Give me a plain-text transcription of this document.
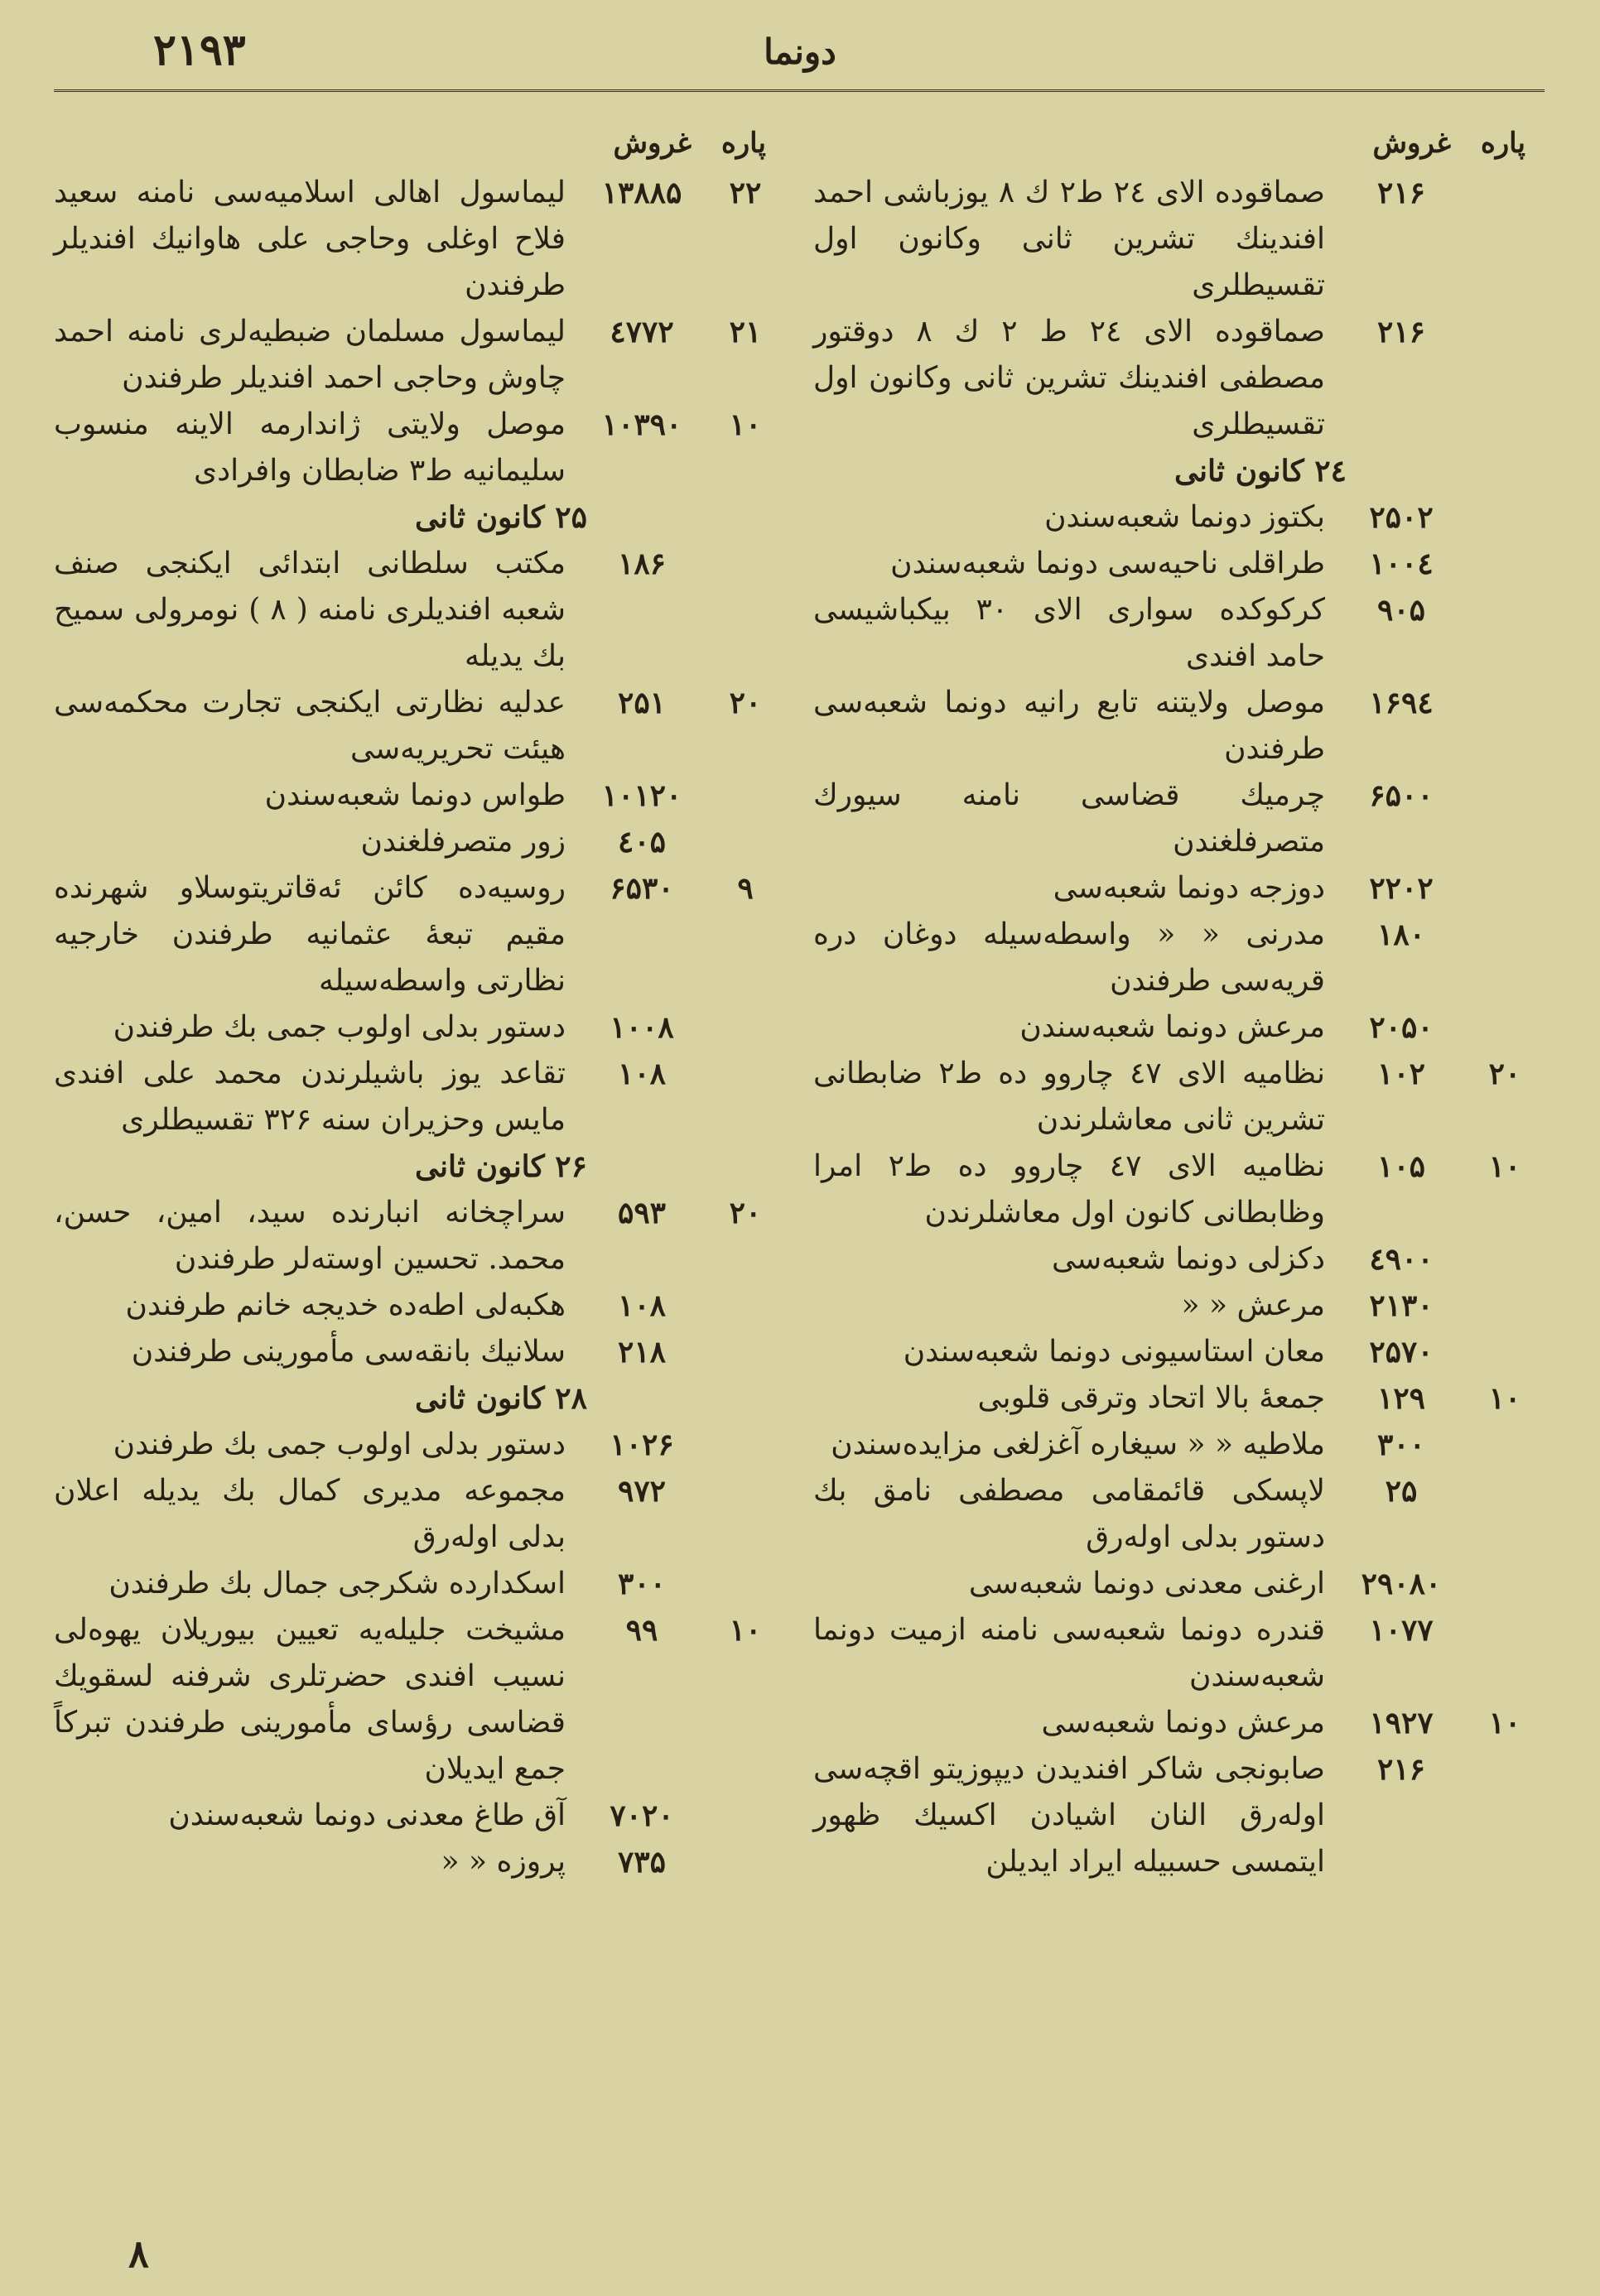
۲۱۹۳	دونما
پاره
غروش
۲۱۶
صماقوده الای ۲٤ ط۲ ك ۸ یوزباشی احمد افندینك تشرین ثانی وکانون اول تقسیطلری
۲۱۶
صماقوده الای ۲٤ ط ۲ ك ۸ دوقتور مصطفی افندینك تشرین ثانی وکانون اول تقسیطلری
۲٤ کانون ثانی
۲۵۰۲
بکتوز دونما شعبه‌سندن
۱۰۰٤
طراقلی ناحیه‌سی دونما شعبه‌سندن
۹۰۵
کرکوکده سواری الای ۳۰ بیکباشیسی حامد افندی
۱۶۹٤
موصل ولایتنه تابع رانیه دونما شعبه‌سی طرفندن
۶۵۰۰
چرمیك قضاسی نامنه سیورك متصرفلغندن
۲۲۰۲
دوزجه دونما شعبه‌سی
۱۸۰
مدرنی « « واسطه‌سیله دوغان دره قریه‌سی طرفندن
۲۰۵۰
مرعش دونما شعبه‌سندن
۲۰
۱۰۲
نظامیه الای ٤۷ چاروو ده ط۲ ضابطانی تشرین ثانی معاشلرندن
۱۰
۱۰۵
نظامیه الای ٤۷ چاروو ده ط۲ امرا وظابطانی کانون اول معاشلرندن
٤۹۰۰
دکزلی دونما شعبه‌سی
۲۱۳۰
مرعش « «
۲۵۷۰
معان استاسیونی دونما شعبه‌سندن
۱۰
۱۲۹
جمعۀ بالا اتحاد وترقی قلوبی
۳۰۰
ملاطیه « « سیغاره آغزلغی مزایده‌سندن
۲۵
لاپسکی قائمقامی مصطفی نامق بك دستور بدلی اوله‌رق
۲۹۰۸۰
ارغنی معدنی دونما شعبه‌سی
۱۰۷۷
قندره دونما شعبه‌سی نامنه ازمیت دونما شعبه‌سندن
۱۰
۱۹۲۷
مرعش دونما شعبه‌سی
۲۱۶
صابونجی شاکر افندیدن دیپوزیتو اقچه‌سی اوله‌رق النان اشیادن اکسیك ظهور ایتمسی حسبیله ایراد ایدیلن
پاره
غروش
۲۲
۱۳۸۸۵
لیماسول اهالی اسلامیه‌سی نامنه سعید فلاح اوغلی وحاجی علی هاوانیك افندیلر طرفندن
۲۱
٤۷۷۲
لیماسول مسلمان ضبطیه‌لری نامنه احمد چاوش وحاجی احمد افندیلر طرفندن
۱۰
۱۰۳۹۰
موصل ولایتی ژاندارمه الاینه منسوب سلیمانیه ط۳ ضابطان وافرادی
۲۵ کانون ثانی
۱۸۶
مکتب سلطانی ابتدائی ایکنجی صنف شعبه افندیلری نامنه ( ۸ ) نومرولی سمیح بك یدیله
۲۰
۲۵۱
عدلیه نظارتی ایکنجی تجارت محکمه‌سی هیئت تحریریه‌سی
۱۰۱۲۰
طواس دونما شعبه‌سندن
٤۰۵
زور متصرفلغندن
۹
۶۵۳۰
روسیه‌ده کائن ئه‌قاتریتوسلاو شهرنده مقیم تبعۀ عثمانیه طرفندن خارجیه نظارتی واسطه‌سیله
۱۰۰۸
دستور بدلی اولوب جمی بك طرفندن
۱۰۸
تقاعد یوز باشیلرندن محمد علی افندی مایس وحزیران سنه ۳۲۶ تقسیطلری
۲۶ کانون ثانی
۲۰
۵۹۳
سراچخانه انبارنده سید، امین، حسن، محمد. تحسین اوسته‌لر طرفندن
۱۰۸
هکبه‌لی اطه‌ده خدیجه خانم طرفندن
۲۱۸
سلانیك بانقه‌سی مأمورینی طرفندن
۲۸ کانون ثانی
۱۰۲۶
دستور بدلی اولوب جمی بك طرفندن
۹۷۲
مجموعه مدیری کمال بك یدیله اعلان بدلی اوله‌رق
۳۰۰
اسکدارده شکرجی جمال بك طرفندن
۱۰
۹۹
مشیخت جلیله‌یه تعیین بیوریلان یهوه‌لی نسیب افندی حضرتلری شرفنه لسقویك قضاسی رؤسای مأمورینی طرفندن تبرکاً جمع ایدیلان
۷۰۲۰
آق طاغ معدنی دونما شعبه‌سندن
۷۳۵
پروزه « «
۸
